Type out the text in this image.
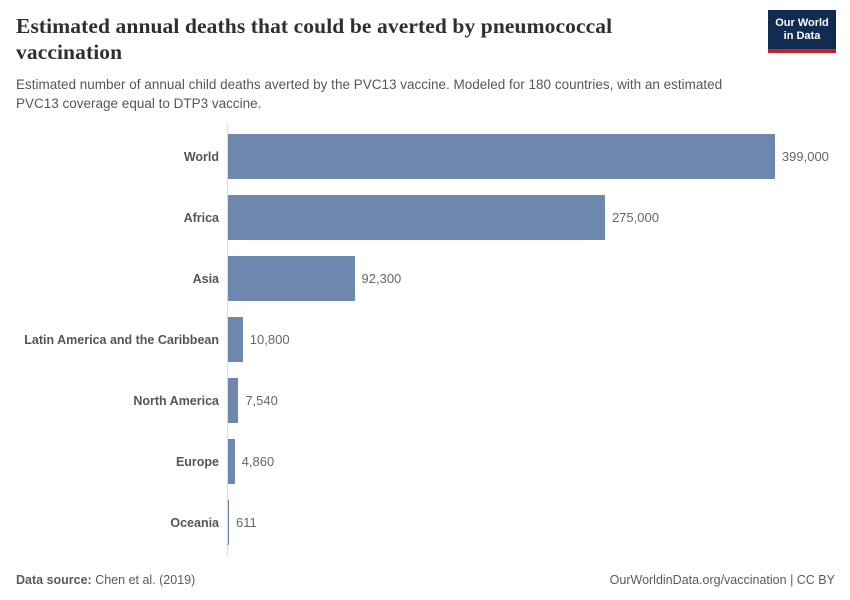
Estimated annual deaths that could be averted by pneumococcal vaccination

Estimated number of annual child deaths averted by the PVC13 vaccine. Modeled for 180 countries, with an estimated PVC13 coverage equal to DTP3 vaccine.

Our World
in Data
World	399,000
Africa	275,000
Asia	92,300
Latin America and the Caribbean	10,800
North America	7,540
Europe	4,860
Oceania	611
Data source: Chen et al. (2019)	OurWorldinData.org/vaccination | CC BY
